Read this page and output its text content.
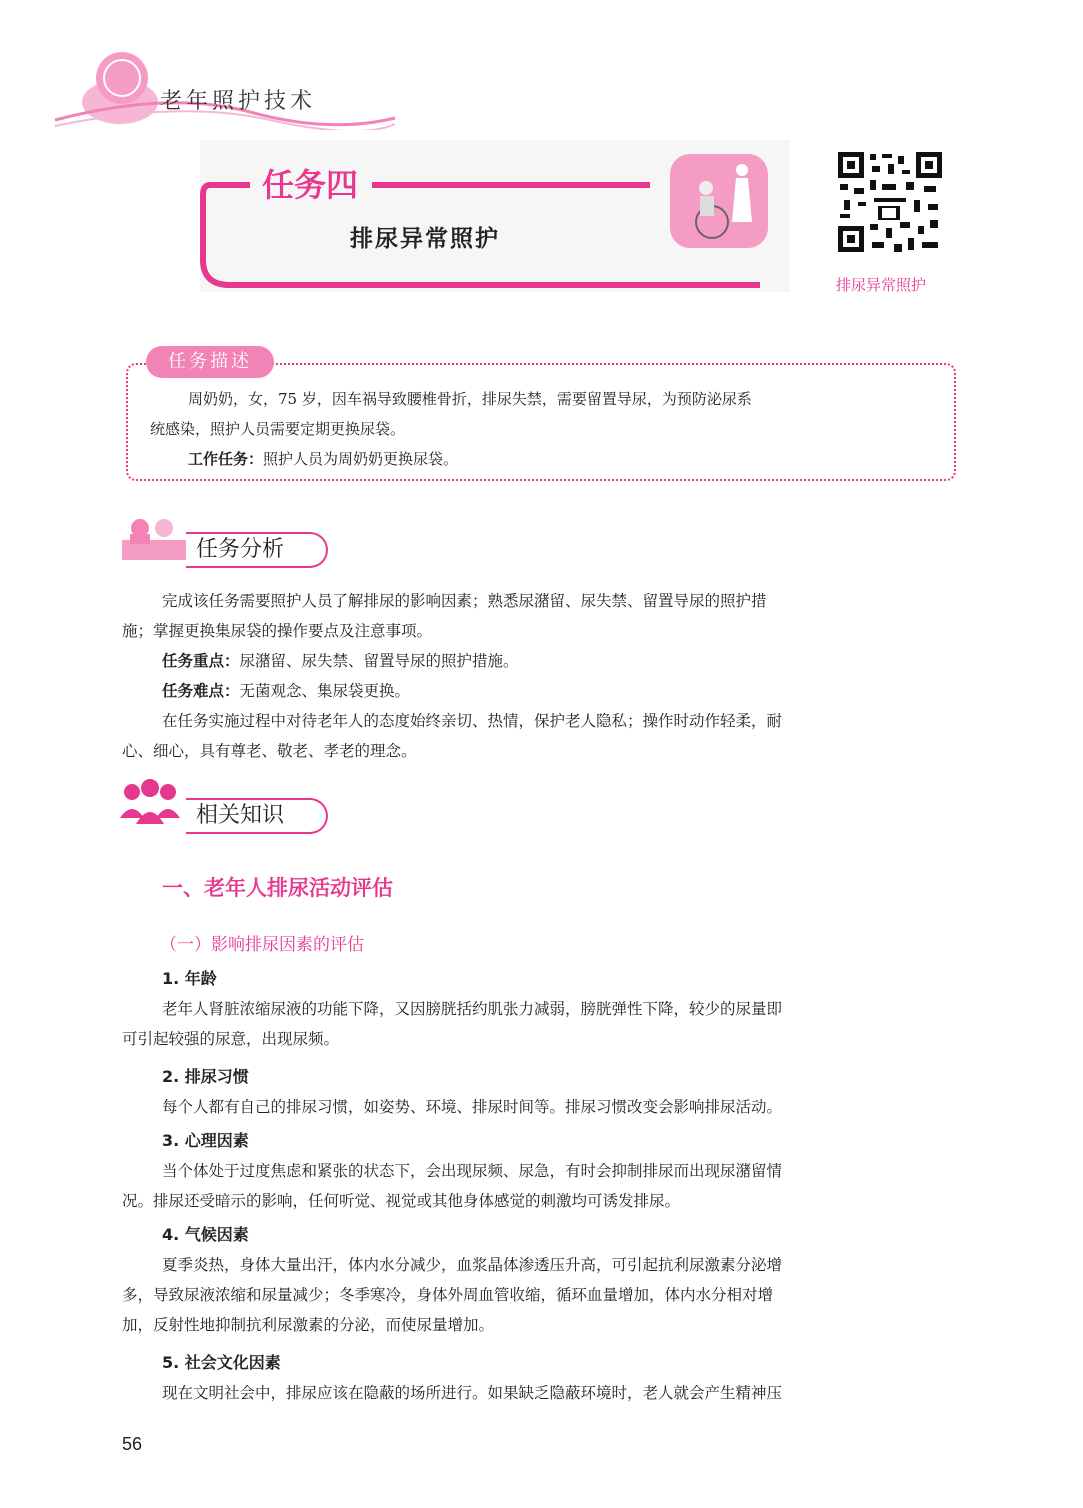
老年照护技术
任务四
排尿异常照护
排尿异常照护
任务描述
周奶奶，女，75 岁，因车祸导致腰椎骨折，排尿失禁，需要留置导尿，为预防泌尿系
统感染，照护人员需要定期更换尿袋。
工作任务：照护人员为周奶奶更换尿袋。
任务分析
完成该任务需要照护人员了解排尿的影响因素；熟悉尿潴留、尿失禁、留置导尿的照护措
施；掌握更换集尿袋的操作要点及注意事项。
任务重点：尿潴留、尿失禁、留置导尿的照护措施。
任务难点：无菌观念、集尿袋更换。
在任务实施过程中对待老年人的态度始终亲切、热情，保护老人隐私；操作时动作轻柔，耐
心、细心，具有尊老、敬老、孝老的理念。
相关知识
一、老年人排尿活动评估
（一）影响排尿因素的评估
1. 年龄
老年人肾脏浓缩尿液的功能下降，又因膀胱括约肌张力减弱，膀胱弹性下降，较少的尿量即
可引起较强的尿意，出现尿频。
2. 排尿习惯
每个人都有自己的排尿习惯，如姿势、环境、排尿时间等。排尿习惯改变会影响排尿活动。
3. 心理因素
当个体处于过度焦虑和紧张的状态下，会出现尿频、尿急，有时会抑制排尿而出现尿潴留情
况。排尿还受暗示的影响，任何听觉、视觉或其他身体感觉的刺激均可诱发排尿。
4. 气候因素
夏季炎热，身体大量出汗，体内水分减少，血浆晶体渗透压升高，可引起抗利尿激素分泌增
多，导致尿液浓缩和尿量减少；冬季寒冷，身体外周血管收缩，循环血量增加，体内水分相对增
加，反射性地抑制抗利尿激素的分泌，而使尿量增加。
5. 社会文化因素
现在文明社会中，排尿应该在隐蔽的场所进行。如果缺乏隐蔽环境时，老人就会产生精神压
56
